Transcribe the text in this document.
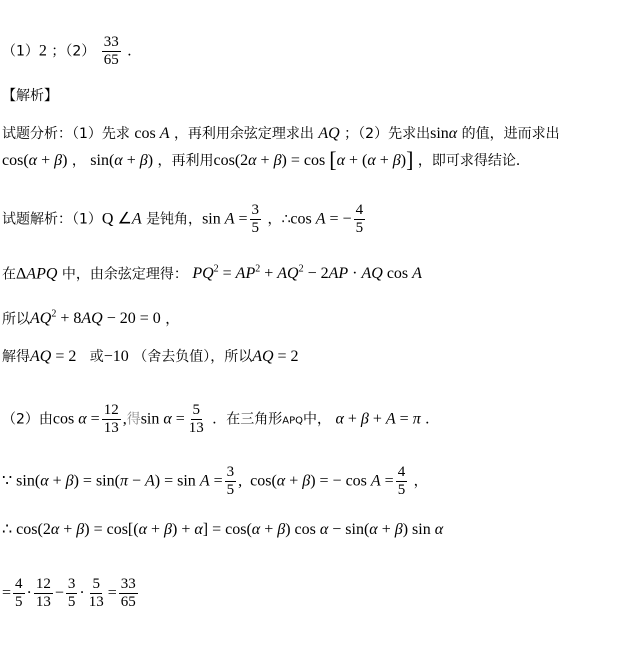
（1）2 ；$(2) \frac{33}{65}$ ．
【解析】
试题分析：（1）先求 cos A ，再利用余弦定理求出 AQ ；（2）先求出sinα 的值，进而求出
cos(α + β) ， sin(α + β) ，再利用cos(2α + β) = cos [α + (α + β)] ，即可求得结论．
试题解析：（1）Q ∠A 是钝角，$\sin A = \frac{3}{5}$ ，∴cos A = − $\frac{4}{5}$
在ΔAPQ 中，由余弦定理得： $PQ^2 = AP^2 + AQ^2 - 2AP$ · AQ cos A
所以$AQ^2 + 8AQ - 20 = 0$ ，
解得AQ = 2 或−10 （舍去负值），所以AQ = 2
（2）由$\cos \alpha = \frac{12}{13}$ ,得$\sin \alpha = \frac{5}{13}$ ．在三角形APQ中， α + β + A = π ．
∵ $\sin(\alpha + \beta) = \sin(\pi - A) = \sin A = \frac{3}{5}$ ,  cos(α + β) = − $\cos A = \frac{4}{5}$ ，
∴ cos(2α + β) = cos[(α + β) + α] = cos(α + β) cos α − sin(α + β) sin α
= $\frac{4}{5} \cdot \frac{12}{13} - \frac{3}{5} \cdot \frac{5}{13} = \frac{33}{65}$
